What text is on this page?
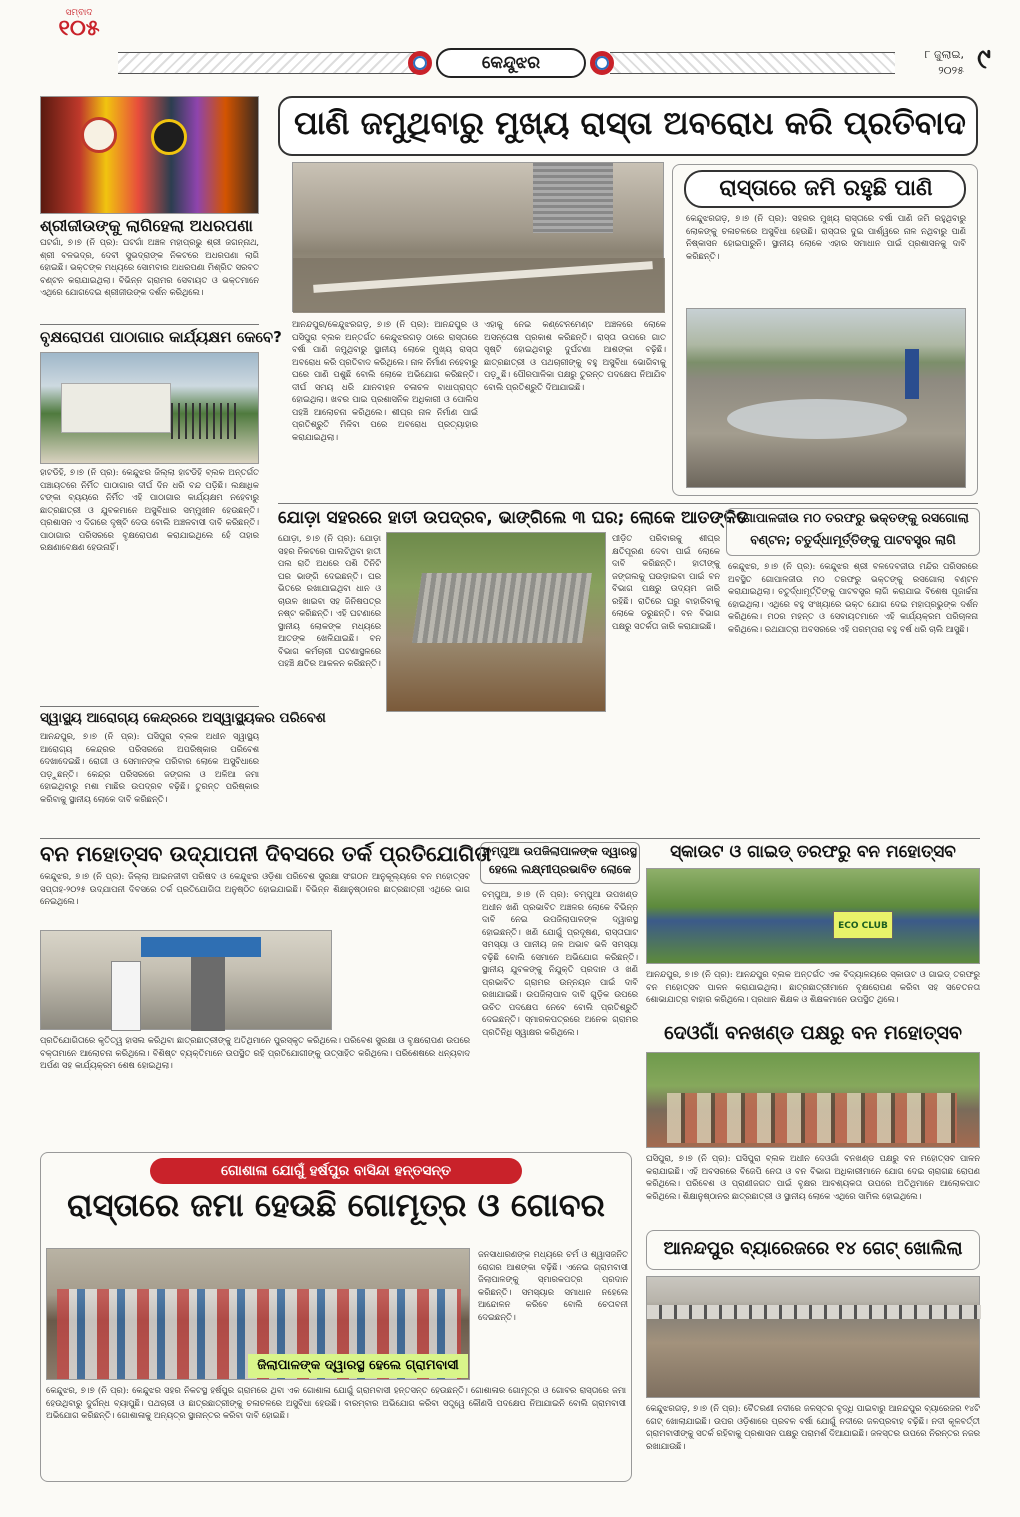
ସମ୍ବାଦ
୧୦୫
କେନ୍ଦୁଝର	୮ ଜୁଲାଇ,
୨୦୨୫ ୯
ଶ୍ରୀଜୀଉଙ୍କୁ ଲାଗିହେଲା ଅଧରପଣା
ଘଟଗାଁ, ୭।୭ (ନି ପ୍ର): ଘଟଗାଁ ଅଞ୍ଚଳ ମହାପ୍ରଭୁ ଶ୍ରୀ ଜଗନ୍ନାଥ, ଶ୍ରୀ ବଳଭଦ୍ର, ଦେବୀ ସୁଭଦ୍ରାଙ୍କ ନିକଟରେ ଅଧରପଣା ଲାଗି ହୋଇଛି। ଭକ୍ତଙ୍କ ମଧ୍ୟରେ ସୋମବାର ଅଧରପଣା ମିଶ୍ରିତ ସରବତ ବଣ୍ଟନ କରାଯାଇଥିଲା। ବିଭିନ୍ନ ଗ୍ରାମର ସେବାୟତ ଓ ଭକ୍ତମାନେ ଏଥିରେ ଯୋଗଦେଇ ଶ୍ରୀଜୀଉଙ୍କ ଦର୍ଶନ କରିଥିଲେ।
ବୃକ୍ଷରୋପଣ ପାଠାଗାର କାର୍ଯ୍ୟକ୍ଷମ କେବେ?
ହାଟଡିହି, ୭।୭ (ନି ପ୍ର): କେନ୍ଦୁଝର ଜିଲ୍ଲା ହାଟଡିହି ବ୍ଲକ ଅନ୍ତର୍ଗତ ପଞ୍ଚାୟତରେ ନିର୍ମିତ ପାଠାଗାର ଦୀର୍ଘ ଦିନ ଧରି ବନ୍ଦ ପଡ଼ିଛି। ଲକ୍ଷାଧିକ ଟଙ୍କା ବ୍ୟୟରେ ନିର୍ମିତ ଏହି ପାଠାଗାର କାର୍ଯ୍ୟକ୍ଷମ ନହେବାରୁ ଛାତ୍ରଛାତ୍ରୀ ଓ ଯୁବକମାନେ ଅସୁବିଧାର ସମ୍ମୁଖୀନ ହେଉଛନ୍ତି। ପ୍ରଶାସନ ଏ ଦିଗରେ ଦୃଷ୍ଟି ଦେଉ ବୋଲି ଅଞ୍ଚଳବାସୀ ଦାବି କରିଛନ୍ତି। ପାଠାଗାର ପରିସରରେ ବୃକ୍ଷରୋପଣ କରାଯାଇଥିଲେ ହେଁ ତାହାର ରକ୍ଷଣାବେକ୍ଷଣ ହେଉନାହିଁ।
ସ୍ୱାସ୍ଥ୍ୟ ଆରୋଗ୍ୟ କେନ୍ଦ୍ରରେ ଅସ୍ୱାସ୍ଥ୍ୟକର ପରିବେଶ
ଆନନ୍ଦପୁର, ୭।୭ (ନି ପ୍ର): ଘସିପୁରା ବ୍ଲକ ଅଧୀନ ସ୍ୱାସ୍ଥ୍ୟ ଆରୋଗ୍ୟ କେନ୍ଦ୍ରର ପରିସରରେ ଅପରିଷ୍କାର ପରିବେଶ ଦେଖାଦେଇଛି। ରୋଗୀ ଓ ସେମାନଙ୍କ ପରିବାର ଲୋକେ ଅସୁବିଧାରେ ପଡ଼ୁଛନ୍ତି। କେନ୍ଦ୍ର ପରିସରରେ ଜଙ୍ଗଲ ଓ ଅଳିଆ ଜମା ହୋଇଥିବାରୁ ମଶା ମାଛିର ଉପଦ୍ରବ ବଢ଼ିଛି। ତୁରନ୍ତ ପରିଷ୍କାର କରିବାକୁ ସ୍ଥାନୀୟ ଲୋକେ ଦାବି କରିଛନ୍ତି।
ପାଣି ଜମୁଥିବାରୁ ମୁଖ୍ୟ ରାସ୍ତା ଅବରୋଧ କରି ପ୍ରତିବାଦ
ଆନନ୍ଦପୁର/କେନ୍ଦୁଝରଗଡ଼, ୭।୭ (ନି ପ୍ର): ଆନନ୍ଦପୁର ଓ ଘସିପୁରା ବ୍ଲକ ଅନ୍ତର୍ଗତ କେନ୍ଦୁଝରଗଡ଼ ଠାରେ ରାସ୍ତାରେ ବର୍ଷା ପାଣି ଜମୁଥିବାରୁ ସ୍ଥାନୀୟ ଲୋକେ ମୁଖ୍ୟ ରାସ୍ତା ଅବରୋଧ କରି ପ୍ରତିବାଦ କରିଥିଲେ। ନାଳ ନିର୍ମାଣ ନହେବାରୁ ଘରେ ପାଣି ପଶୁଛି ବୋଲି ଲୋକେ ଅଭିଯୋଗ କରିଛନ୍ତି। ଦୀର୍ଘ ସମୟ ଧରି ଯାନବାହନ ଚଳାଚଳ ବାଧାପ୍ରାପ୍ତ ହୋଇଥିଲା। ଖବର ପାଇ ପ୍ରଶାସନିକ ଅଧିକାରୀ ଓ ପୋଲିସ ପହଞ୍ଚି ଆଲୋଚନା କରିଥିଲେ। ଶୀଘ୍ର ନାଳ ନିର୍ମାଣ ପାଇଁ ପ୍ରତିଶ୍ରୁତି ମିଳିବା ପରେ ଅବରୋଧ ପ୍ରତ୍ୟାହାର କରାଯାଇଥିଲା।
ଏହାକୁ ନେଇ କଣ୍ଟେନମେଣ୍ଟ ଅଞ୍ଚଳରେ ଲୋକେ ଅସନ୍ତୋଷ ପ୍ରକାଶ କରିଛନ୍ତି। ରାସ୍ତା ଉପରେ ଗାତ ସୃଷ୍ଟି ହୋଇଥିବାରୁ ଦୁର୍ଘଟଣା ଆଶଙ୍କା ବଢ଼ିଛି। ଛାତ୍ରଛାତ୍ରୀ ଓ ପଥଚାରୀଙ୍କୁ ବହୁ ଅସୁବିଧା ଭୋଗିବାକୁ ପଡ଼ୁଛି। ପୌରପାଳିକା ପକ୍ଷରୁ ତୁରନ୍ତ ପଦକ୍ଷେପ ନିଆଯିବ ବୋଲି ପ୍ରତିଶ୍ରୁତି ଦିଆଯାଇଛି।
ରାସ୍ତାରେ ଜମି ରହୁଛି ପାଣି
କେନ୍ଦୁଝରଗଡ଼, ୭।୭ (ନି ପ୍ର): ସହରର ମୁଖ୍ୟ ରାସ୍ତାରେ ବର୍ଷା ପାଣି ଜମି ରହୁଥିବାରୁ ଲୋକଙ୍କୁ ଚଳାଚଳରେ ଅସୁବିଧା ହେଉଛି। ରାସ୍ତାର ଦୁଇ ପାର୍ଶ୍ୱରେ ନାଳ ନଥିବାରୁ ପାଣି ନିଷ୍କାସନ ହୋଇପାରୁନି। ସ୍ଥାନୀୟ ଲୋକେ ଏହାର ସମାଧାନ ପାଇଁ ପ୍ରଶାସନକୁ ଦାବି କରିଛନ୍ତି।
ଯୋଡ଼ା ସହରରେ ହାତୀ ଉପଦ୍ରବ, ଭାଙ୍ଗିଲେ ୩ ଘର; ଲୋକେ ଆତଙ୍କିତ
ଯୋଡ଼ା, ୭।୭ (ନି ପ୍ର): ଯୋଡ଼ା ସହର ନିକଟରେ ପାଲଟିଥିବା ହାତୀ ପଲ ରାତି ଅଧରେ ପଶି ତିନିଟି ଘର ଭାଙ୍ଗି ଦେଇଛନ୍ତି। ଘର ଭିତରେ ରଖାଯାଇଥିବା ଧାନ ଓ ଚାଉଳ ଖାଇବା ସହ ଜିନିଷପତ୍ର ନଷ୍ଟ କରିଛନ୍ତି। ଏହି ଘଟଣାରେ ସ୍ଥାନୀୟ ଲୋକଙ୍କ ମଧ୍ୟରେ ଆତଙ୍କ ଖେଳିଯାଇଛି। ବନ ବିଭାଗ କର୍ମଚାରୀ ଘଟଣାସ୍ଥଳରେ ପହଞ୍ଚି କ୍ଷତିର ଆକଳନ କରିଛନ୍ତି।
ପୀଡ଼ିତ ପରିବାରକୁ ଶୀଘ୍ର କ୍ଷତିପୂରଣ ଦେବା ପାଇଁ ଲୋକେ ଦାବି କରିଛନ୍ତି। ହାତୀଙ୍କୁ ଜଙ୍ଗଲକୁ ଘଉଡ଼ାଇବା ପାଇଁ ବନ ବିଭାଗ ପକ୍ଷରୁ ଉଦ୍ୟମ ଜାରି ରହିଛି। ରାତିରେ ଘରୁ ବାହାରିବାକୁ ଲୋକେ ଡରୁଛନ୍ତି। ବନ ବିଭାଗ ପକ୍ଷରୁ ସତର୍କତା ଜାରି କରାଯାଇଛି।
ଗୋପାଳଜୀଉ ମଠ ତରଫରୁ ଭକ୍ତଙ୍କୁ ରସଗୋଲା
ବଣ୍ଟନ; ଚତୁର୍ଦ୍ଧାମୂର୍ତ୍ତିଙ୍କୁ ପାଟବସ୍ତ୍ର ଲାଗି
କେନ୍ଦୁଝର, ୭।୭ (ନି ପ୍ର): କେନ୍ଦୁଝର ଶ୍ରୀ ବଳଦେବଜୀଉ ମନ୍ଦିର ପରିସରରେ ଅବସ୍ଥିତ ଗୋପାଳଜୀଉ ମଠ ତରଫରୁ ଭକ୍ତଙ୍କୁ ରସଗୋଲା ବଣ୍ଟନ କରାଯାଇଥିଲା। ଚତୁର୍ଦ୍ଧାମୂର୍ତ୍ତିଙ୍କୁ ପାଟବସ୍ତ୍ର ଲାଗି କରାଯାଇ ବିଶେଷ ପୂଜାର୍ଚ୍ଚନା ହୋଇଥିଲା। ଏଥିରେ ବହୁ ସଂଖ୍ୟାରେ ଭକ୍ତ ଯୋଗ ଦେଇ ମହାପ୍ରଭୁଙ୍କ ଦର୍ଶନ କରିଥିଲେ। ମଠର ମହନ୍ତ ଓ ସେବାୟତମାନେ ଏହି କାର୍ଯ୍ୟକ୍ରମ ପରିଚାଳନା କରିଥିଲେ। ରଥଯାତ୍ରା ଅବସରରେ ଏହି ପରମ୍ପରା ବହୁ ବର୍ଷ ଧରି ଚାଲି ଆସୁଛି।
ବନ ମହୋତ୍ସବ ଉଦ୍‌ଯାପନୀ ଦିବସରେ ତର୍କ ପ୍ରତିଯୋଗିତା
କେନ୍ଦୁଝର, ୭।୭ (ନି ପ୍ର): ଜିଲ୍ଲା ଆଇନଜୀବୀ ପରିଷଦ ଓ କେନ୍ଦୁଝର ଓଡ଼ିଶା ପରିବେଶ ସୁରକ୍ଷା ସଂଗଠନ ଆନୁକୂଲ୍ୟରେ ବନ ମହୋତ୍ସବ ସପ୍ତାହ-୨୦୨୫ ଉଦ୍‌ଯାପନୀ ଦିବସରେ ତର୍କ ପ୍ରତିଯୋଗିତା ଅନୁଷ୍ଠିତ ହୋଇଯାଇଛି। ବିଭିନ୍ନ ଶିକ୍ଷାନୁଷ୍ଠାନର ଛାତ୍ରଛାତ୍ରୀ ଏଥିରେ ଭାଗ ନେଇଥିଲେ।
ପ୍ରତିଯୋଗିତାରେ କୃତିତ୍ୱ ହାସଲ କରିଥିବା ଛାତ୍ରଛାତ୍ରୀଙ୍କୁ ଅତିଥିମାନେ ପୁରସ୍କୃତ କରିଥିଲେ। ପରିବେଶ ସୁରକ୍ଷା ଓ ବୃକ୍ଷରୋପଣ ଉପରେ ବକ୍ତାମାନେ ଆଲୋଚନା କରିଥିଲେ। ବିଶିଷ୍ଟ ବ୍ୟକ୍ତିମାନେ ଉପସ୍ଥିତ ରହି ପ୍ରତିଯୋଗୀଙ୍କୁ ଉତ୍ସାହିତ କରିଥିଲେ। ପରିଶେଷରେ ଧନ୍ୟବାଦ ଅର୍ପଣ ସହ କାର୍ଯ୍ୟକ୍ରମ ଶେଷ ହୋଇଥିଲା।
ଚମ୍ପୁଆ ଉପଜିଲାପାଳଙ୍କ ଦ୍ୱାରସ୍ଥ
ହେଲେ ଲକ୍ଷ୍ମୀପ୍ରଭାବିତ ଲୋକେ
ଚମ୍ପୁଆ, ୭।୭ (ନି ପ୍ର): ଚମ୍ପୁଆ ଉପଖଣ୍ଡ ଅଧୀନ ଖଣି ପ୍ରଭାବିତ ଅଞ୍ଚଳର ଲୋକେ ବିଭିନ୍ନ ଦାବି ନେଇ ଉପଜିଲାପାଳଙ୍କ ଦ୍ୱାରସ୍ଥ ହୋଇଛନ୍ତି। ଖଣି ଯୋଗୁଁ ପ୍ରଦୂଷଣ, ରାସ୍ତାଘାଟ ସମସ୍ୟା ଓ ପାନୀୟ ଜଳ ଅଭାବ ଭଳି ସମସ୍ୟା ବଢ଼ିଛି ବୋଲି ସେମାନେ ଅଭିଯୋଗ କରିଛନ୍ତି। ସ୍ଥାନୀୟ ଯୁବକଙ୍କୁ ନିଯୁକ୍ତି ପ୍ରଦାନ ଓ ଖଣି ପ୍ରଭାବିତ ଗ୍ରାମର ଉନ୍ନୟନ ପାଇଁ ଦାବି ରଖାଯାଇଛି। ଉପଜିଲାପାଳ ଦାବି ଗୁଡ଼ିକ ଉପରେ ଉଚିତ ପଦକ୍ଷେପ ନେବେ ବୋଲି ପ୍ରତିଶ୍ରୁତି ଦେଇଛନ୍ତି। ସ୍ମାରକପତ୍ରରେ ଅନେକ ଗ୍ରାମର ପ୍ରତିନିଧି ସ୍ୱାକ୍ଷର କରିଥିଲେ।
ସ୍କାଉଟ ଓ ଗାଇଡ୍ ତରଫରୁ ବନ ମହୋତ୍ସବ
ECO CLUB
ଆନନ୍ଦପୁର, ୭।୭ (ନି ପ୍ର): ଆନନ୍ଦପୁର ବ୍ଲକ ଅନ୍ତର୍ଗତ ଏକ ବିଦ୍ୟାଳୟରେ ସ୍କାଉଟ ଓ ଗାଇଡ୍ ତରଫରୁ ବନ ମହୋତ୍ସବ ପାଳନ କରାଯାଇଥିଲା। ଛାତ୍ରଛାତ୍ରୀମାନେ ବୃକ୍ଷରୋପଣ କରିବା ସହ ସଚେତନତା ଶୋଭାଯାତ୍ରା ବାହାର କରିଥିଲେ। ପ୍ରଧାନ ଶିକ୍ଷକ ଓ ଶିକ୍ଷକମାନେ ଉପସ୍ଥିତ ଥିଲେ।
ଦେଓଗାଁ ବନଖଣ୍ଡ ପକ୍ଷରୁ ବନ ମହୋତ୍ସବ
ଘସିପୁରା, ୭।୭ (ନି ପ୍ର): ଘସିପୁରା ବ୍ଲକ ଅଧୀନ ଦେଓଗାଁ ବନଖଣ୍ଡ ପକ୍ଷରୁ ବନ ମହୋତ୍ସବ ପାଳନ କରାଯାଇଛି। ଏହି ଅବସରରେ ବିଜେପି ନେତା ଓ ବନ ବିଭାଗ ଅଧିକାରୀମାନେ ଯୋଗ ଦେଇ ଚାରାଗଛ ରୋପଣ କରିଥିଲେ। ପରିବେଶ ଓ ପ୍ରାଣୀଜଗତ ପାଇଁ ବୃକ୍ଷର ଆବଶ୍ୟକତା ଉପରେ ଅତିଥିମାନେ ଆଲୋକପାତ କରିଥିଲେ। ଶିକ୍ଷାନୁଷ୍ଠାନର ଛାତ୍ରଛାତ୍ରୀ ଓ ସ୍ଥାନୀୟ ଲୋକେ ଏଥିରେ ସାମିଲ ହୋଇଥିଲେ।
ଗୋଶାଳା ଯୋଗୁଁ ହର୍ଷପୁର ବାସିନ୍ଦା ହନ୍ତସନ୍ତ
ରାସ୍ତାରେ ଜମା ହେଉଛି ଗୋମୂତ୍ର ଓ ଗୋବର
ଜିଲାପାଳଙ୍କ ଦ୍ୱାରସ୍ଥ ହେଲେ ଗ୍ରାମବାସୀ
ଜନସାଧାରଣଙ୍କ ମଧ୍ୟରେ ଚର୍ମ ଓ ଶ୍ୱାସଜନିତ ରୋଗର ଆଶଙ୍କା ବଢ଼ିଛି। ଏନେଇ ଗ୍ରାମବାସୀ ଜିଲାପାଳଙ୍କୁ ସ୍ମାରକପତ୍ର ପ୍ରଦାନ କରିଛନ୍ତି। ସମସ୍ୟାର ସମାଧାନ ନହେଲେ ଆନ୍ଦୋଳନ କରିବେ ବୋଲି ଚେତାବନୀ ଦେଇଛନ୍ତି।
କେନ୍ଦୁଝର, ୭।୭ (ନି ପ୍ର): କେନ୍ଦୁଝର ସହର ନିକଟସ୍ଥ ହର୍ଷପୁର ଗ୍ରାମରେ ଥିବା ଏକ ଗୋଶାଳା ଯୋଗୁଁ ଗ୍ରାମବାସୀ ହନ୍ତସନ୍ତ ହେଉଛନ୍ତି। ଗୋଶାଳାର ଗୋମୂତ୍ର ଓ ଗୋବର ରାସ୍ତାରେ ଜମା ହେଉଥିବାରୁ ଦୁର୍ଗନ୍ଧ ବ୍ୟାପୁଛି। ପଥଚାରୀ ଓ ଛାତ୍ରଛାତ୍ରୀଙ୍କୁ ଚଳାଚଳରେ ଅସୁବିଧା ହେଉଛି। ବାରମ୍ବାର ଅଭିଯୋଗ କରିବା ସତ୍ତ୍ୱେ କୌଣସି ପଦକ୍ଷେପ ନିଆଯାଇନି ବୋଲି ଗ୍ରାମବାସୀ ଅଭିଯୋଗ କରିଛନ୍ତି। ଗୋଶାଳାକୁ ଅନ୍ୟତ୍ର ସ୍ଥାନାନ୍ତର କରିବା ଦାବି ହୋଇଛି।
ଆନନ୍ଦପୁର ବ୍ୟାରେଜରେ ୧୪ ଗେଟ୍ ଖୋଲିଲା
କେନ୍ଦୁଝରଗଡ଼, ୭।୭ (ନି ପ୍ର): ବୈତରଣୀ ନଦୀରେ ଜଳସ୍ତର ବୃଦ୍ଧି ପାଇବାରୁ ଆନନ୍ଦପୁର ବ୍ୟାରେଜର ୧୪ଟି ଗେଟ୍ ଖୋଲାଯାଇଛି। ଉପର ଓଡ଼ିଶାରେ ପ୍ରବଳ ବର୍ଷା ଯୋଗୁଁ ନଦୀରେ ଜଳପ୍ରବାହ ବଢ଼ିଛି। ନଦୀ କୂଳବର୍ତ୍ତୀ ଗ୍ରାମବାସୀଙ୍କୁ ସତର୍କ ରହିବାକୁ ପ୍ରଶାସନ ପକ୍ଷରୁ ପରାମର୍ଶ ଦିଆଯାଇଛି। ଜଳସ୍ତର ଉପରେ ନିରନ୍ତର ନଜର ରଖାଯାଉଛି।
